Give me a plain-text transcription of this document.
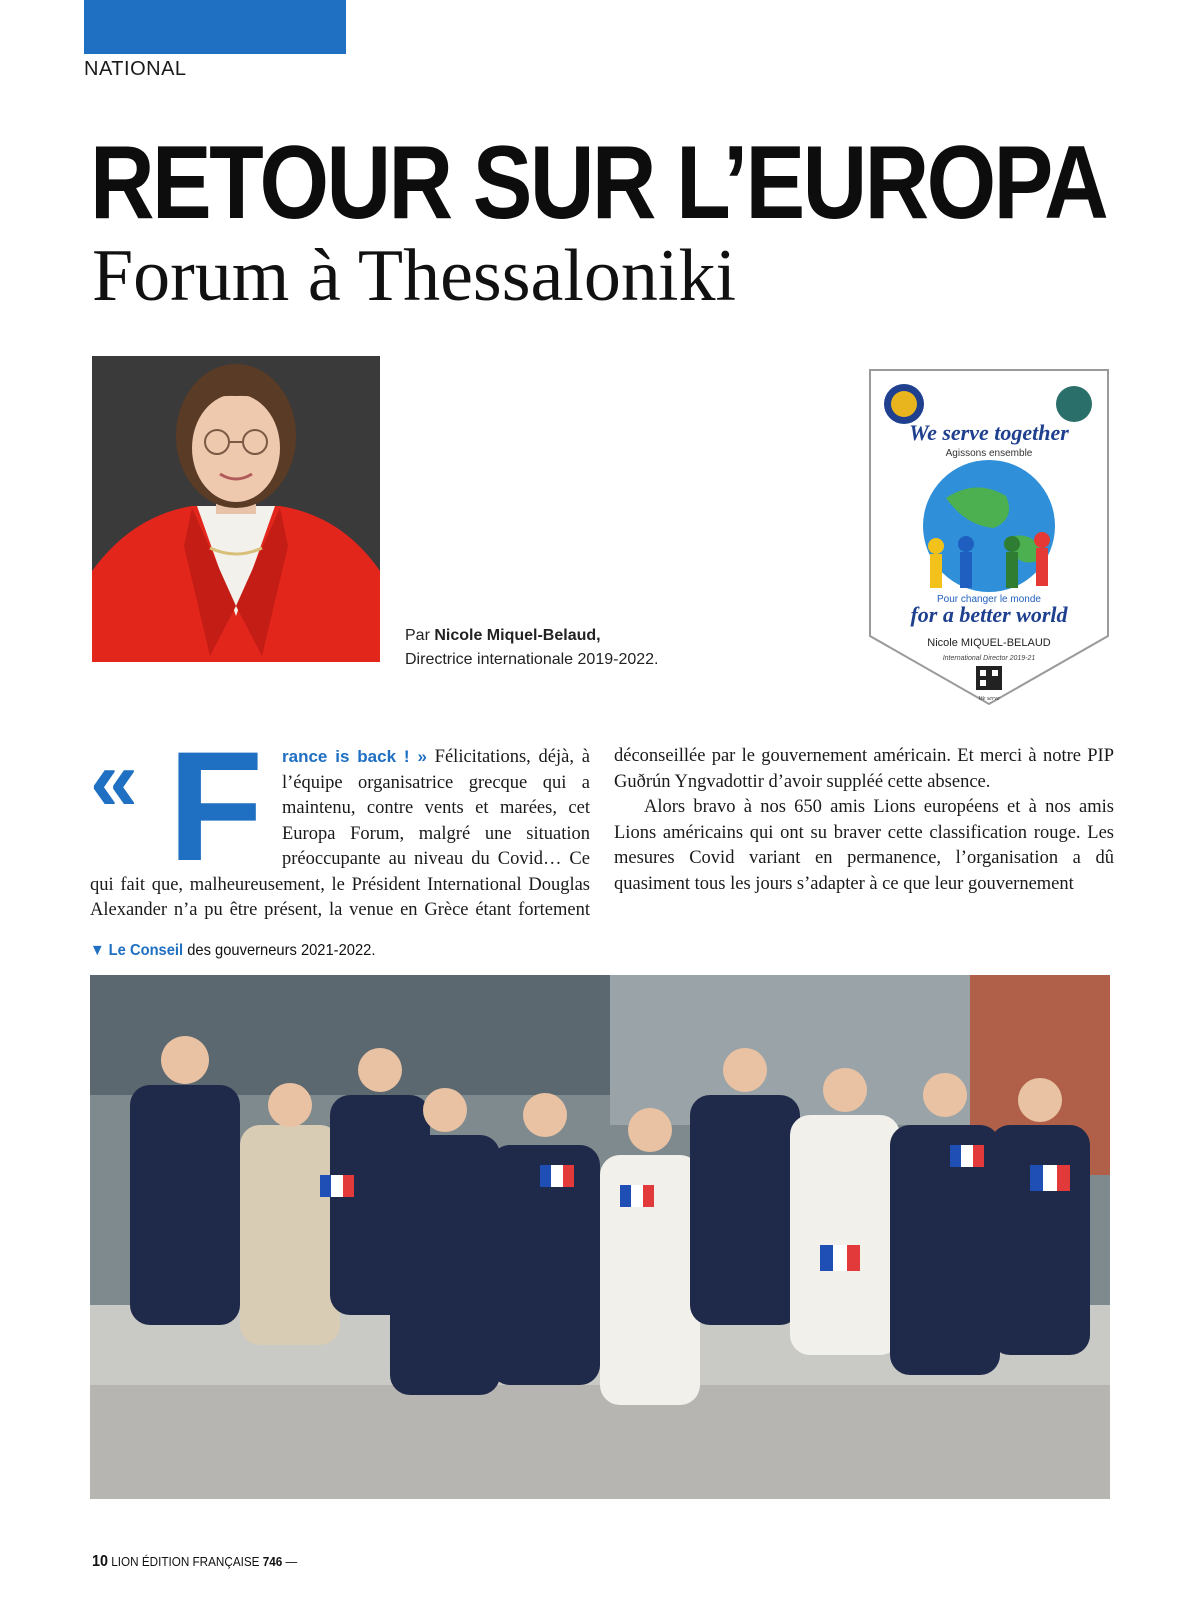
NATIONAL
RETOUR SUR L’EUROPA
Forum à Thessaloniki
Par Nicole Miquel-Belaud,
Directrice internationale 2019-2022.
We serve together
Agissons ensemble
Pour changer le monde
for a better world
Nicole MIQUEL-BELAUD
International Director 2019-21
We serve

« F rance is back ! » Félicitations, déjà, à l’équipe organisatrice grecque qui a maintenu, contre vents et marées, cet Europa Forum, malgré une situation préoccupante au niveau du Covid… Ce qui fait que, malheureusement, le Président International Douglas Alexander n’a pu être présent, la venue en Grèce étant fortement déconseillée par le gouvernement américain. Et merci à notre PIP Guðrún Yngvadottir d’avoir suppléé cette absence.

Alors bravo à nos 650 amis Lions européens et à nos amis Lions américains qui ont su braver cette classification rouge. Les mesures Covid variant en permanence, l’organisation a dû quasiment tous les jours s’adapter à ce que leur gouvernement

▼ Le Conseil des gouverneurs 2021-2022.
10 LION ÉDITION FRANÇAISE 746 —
